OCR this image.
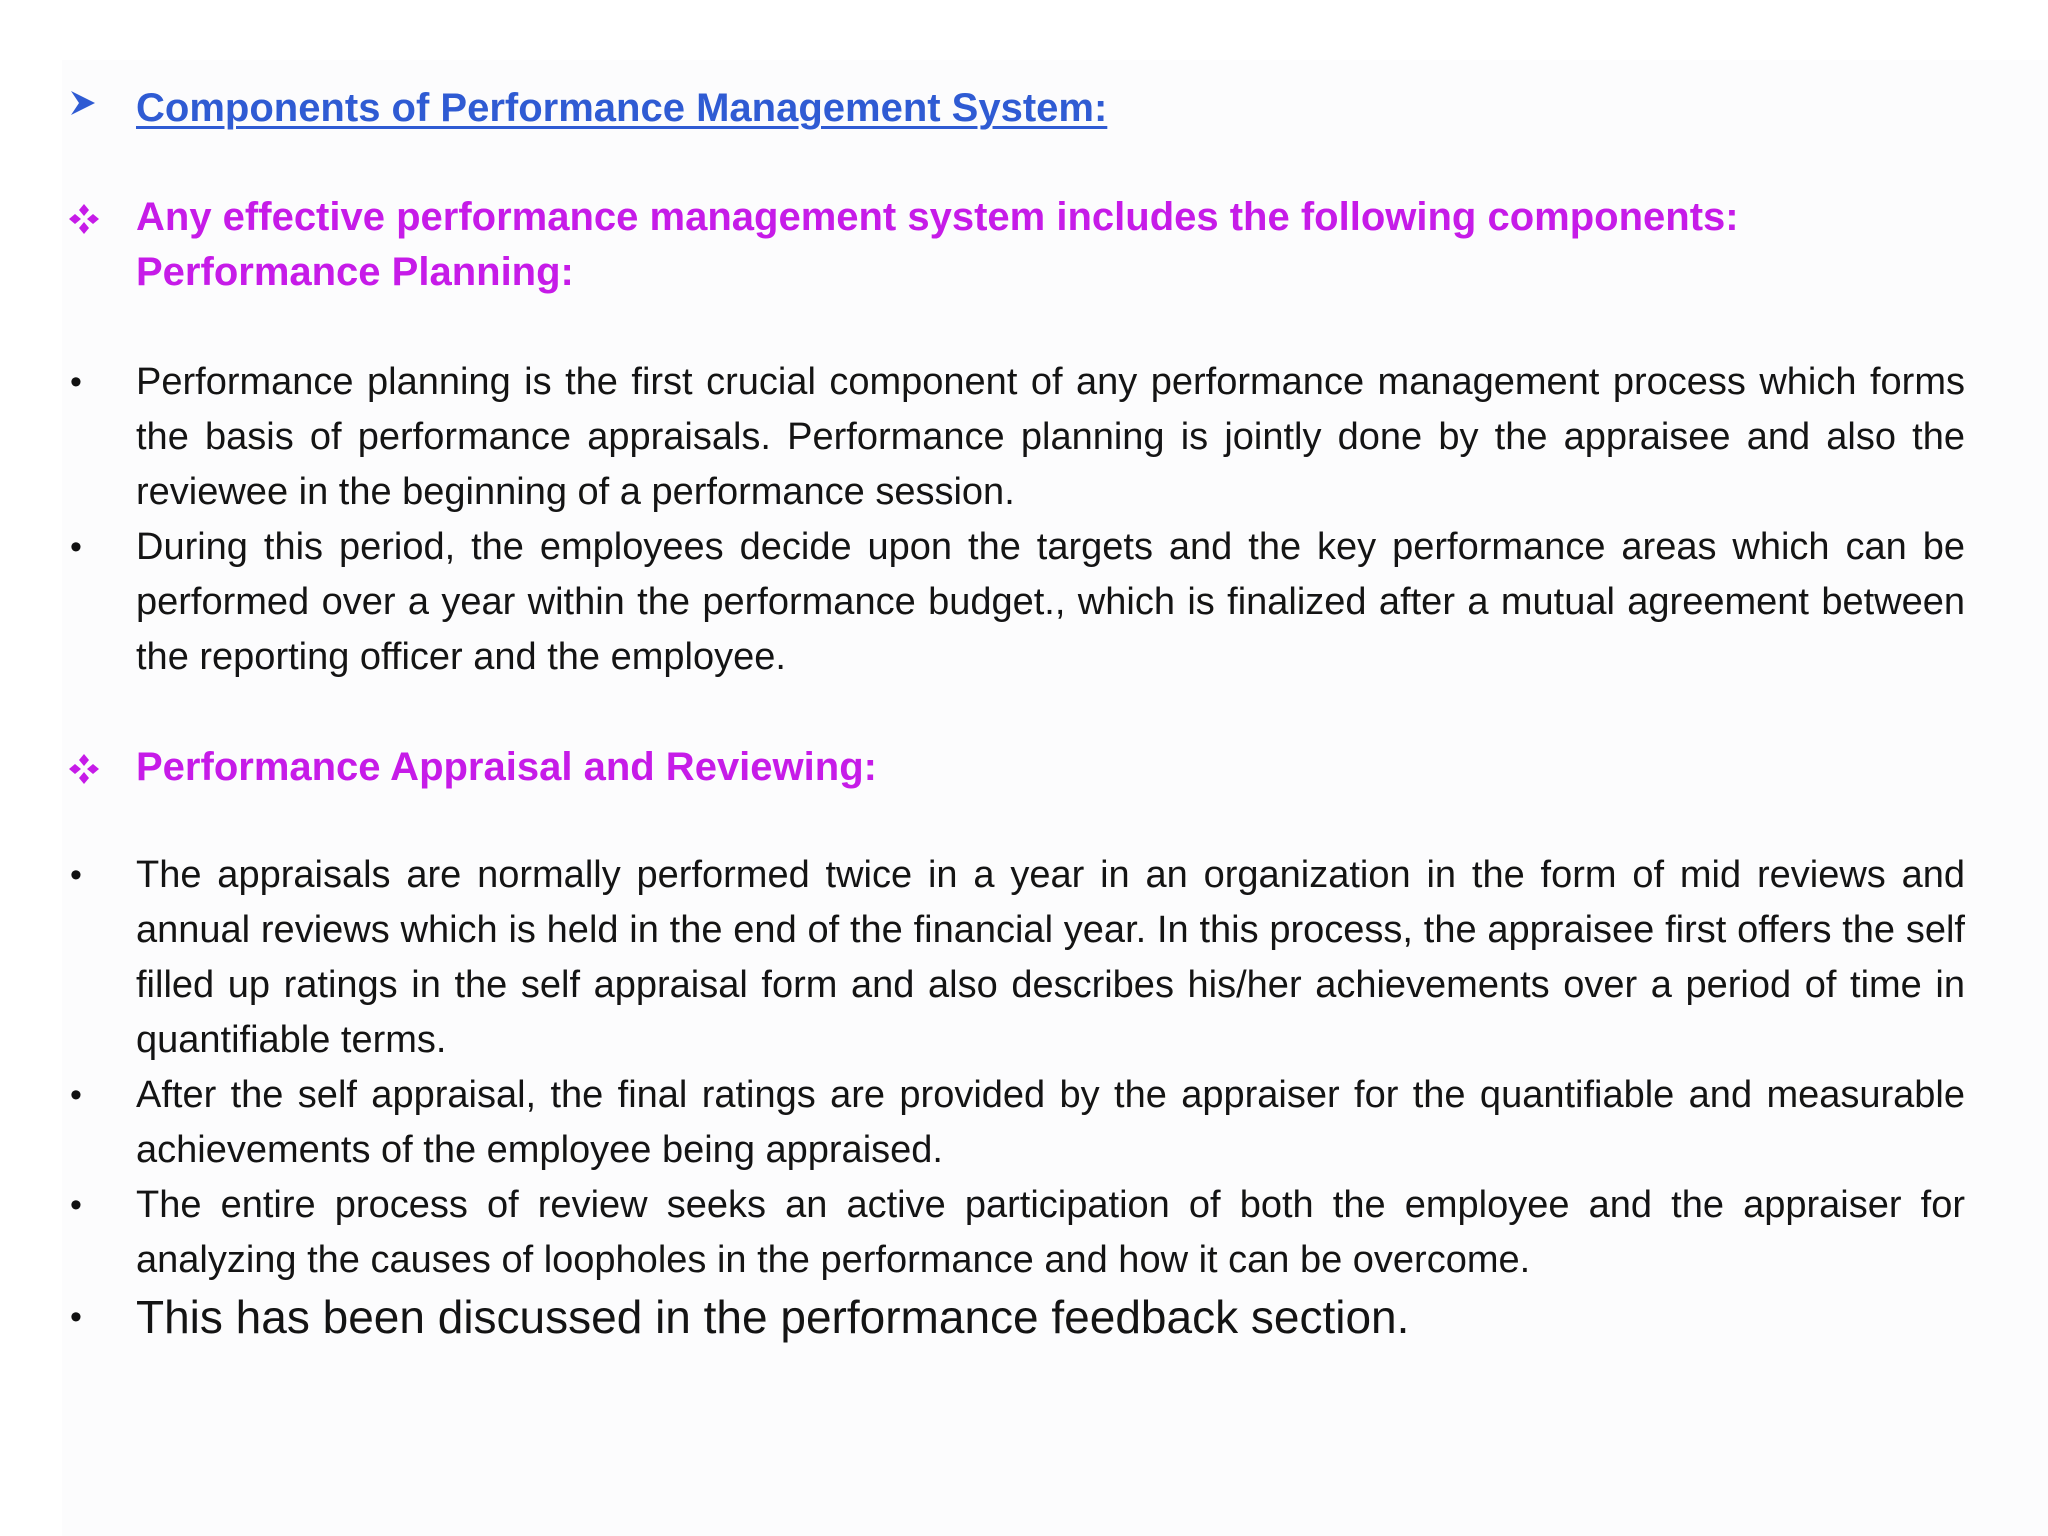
Components of Performance Management System:
Any effective performance management system includes the following components:
Performance Planning:
•	Performance planning is the first crucial component of any performance management process which forms the basis of performance appraisals. Performance planning is jointly done by the appraisee and also the reviewee in the beginning of a performance session.
•	During this period, the employees decide upon the targets and the key performance areas which can be performed over a year within the performance budget., which is finalized after a mutual agreement between the reporting officer and the employee.
Performance Appraisal and Reviewing:
•	The appraisals are normally performed twice in a year in an organization in the form of mid reviews and annual reviews which is held in the end of the financial year. In this process, the appraisee first offers the self filled up ratings in the self appraisal form and also describes his/her achievements over a period of time in quantifiable terms.
•	After the self appraisal, the final ratings are provided by the appraiser for the quantifiable and measurable achievements of the employee being appraised.
•	The entire process of review seeks an active participation of both the employee and the appraiser for analyzing the causes of loopholes in the performance and how it can be overcome.
•	This has been discussed in the performance feedback section.
